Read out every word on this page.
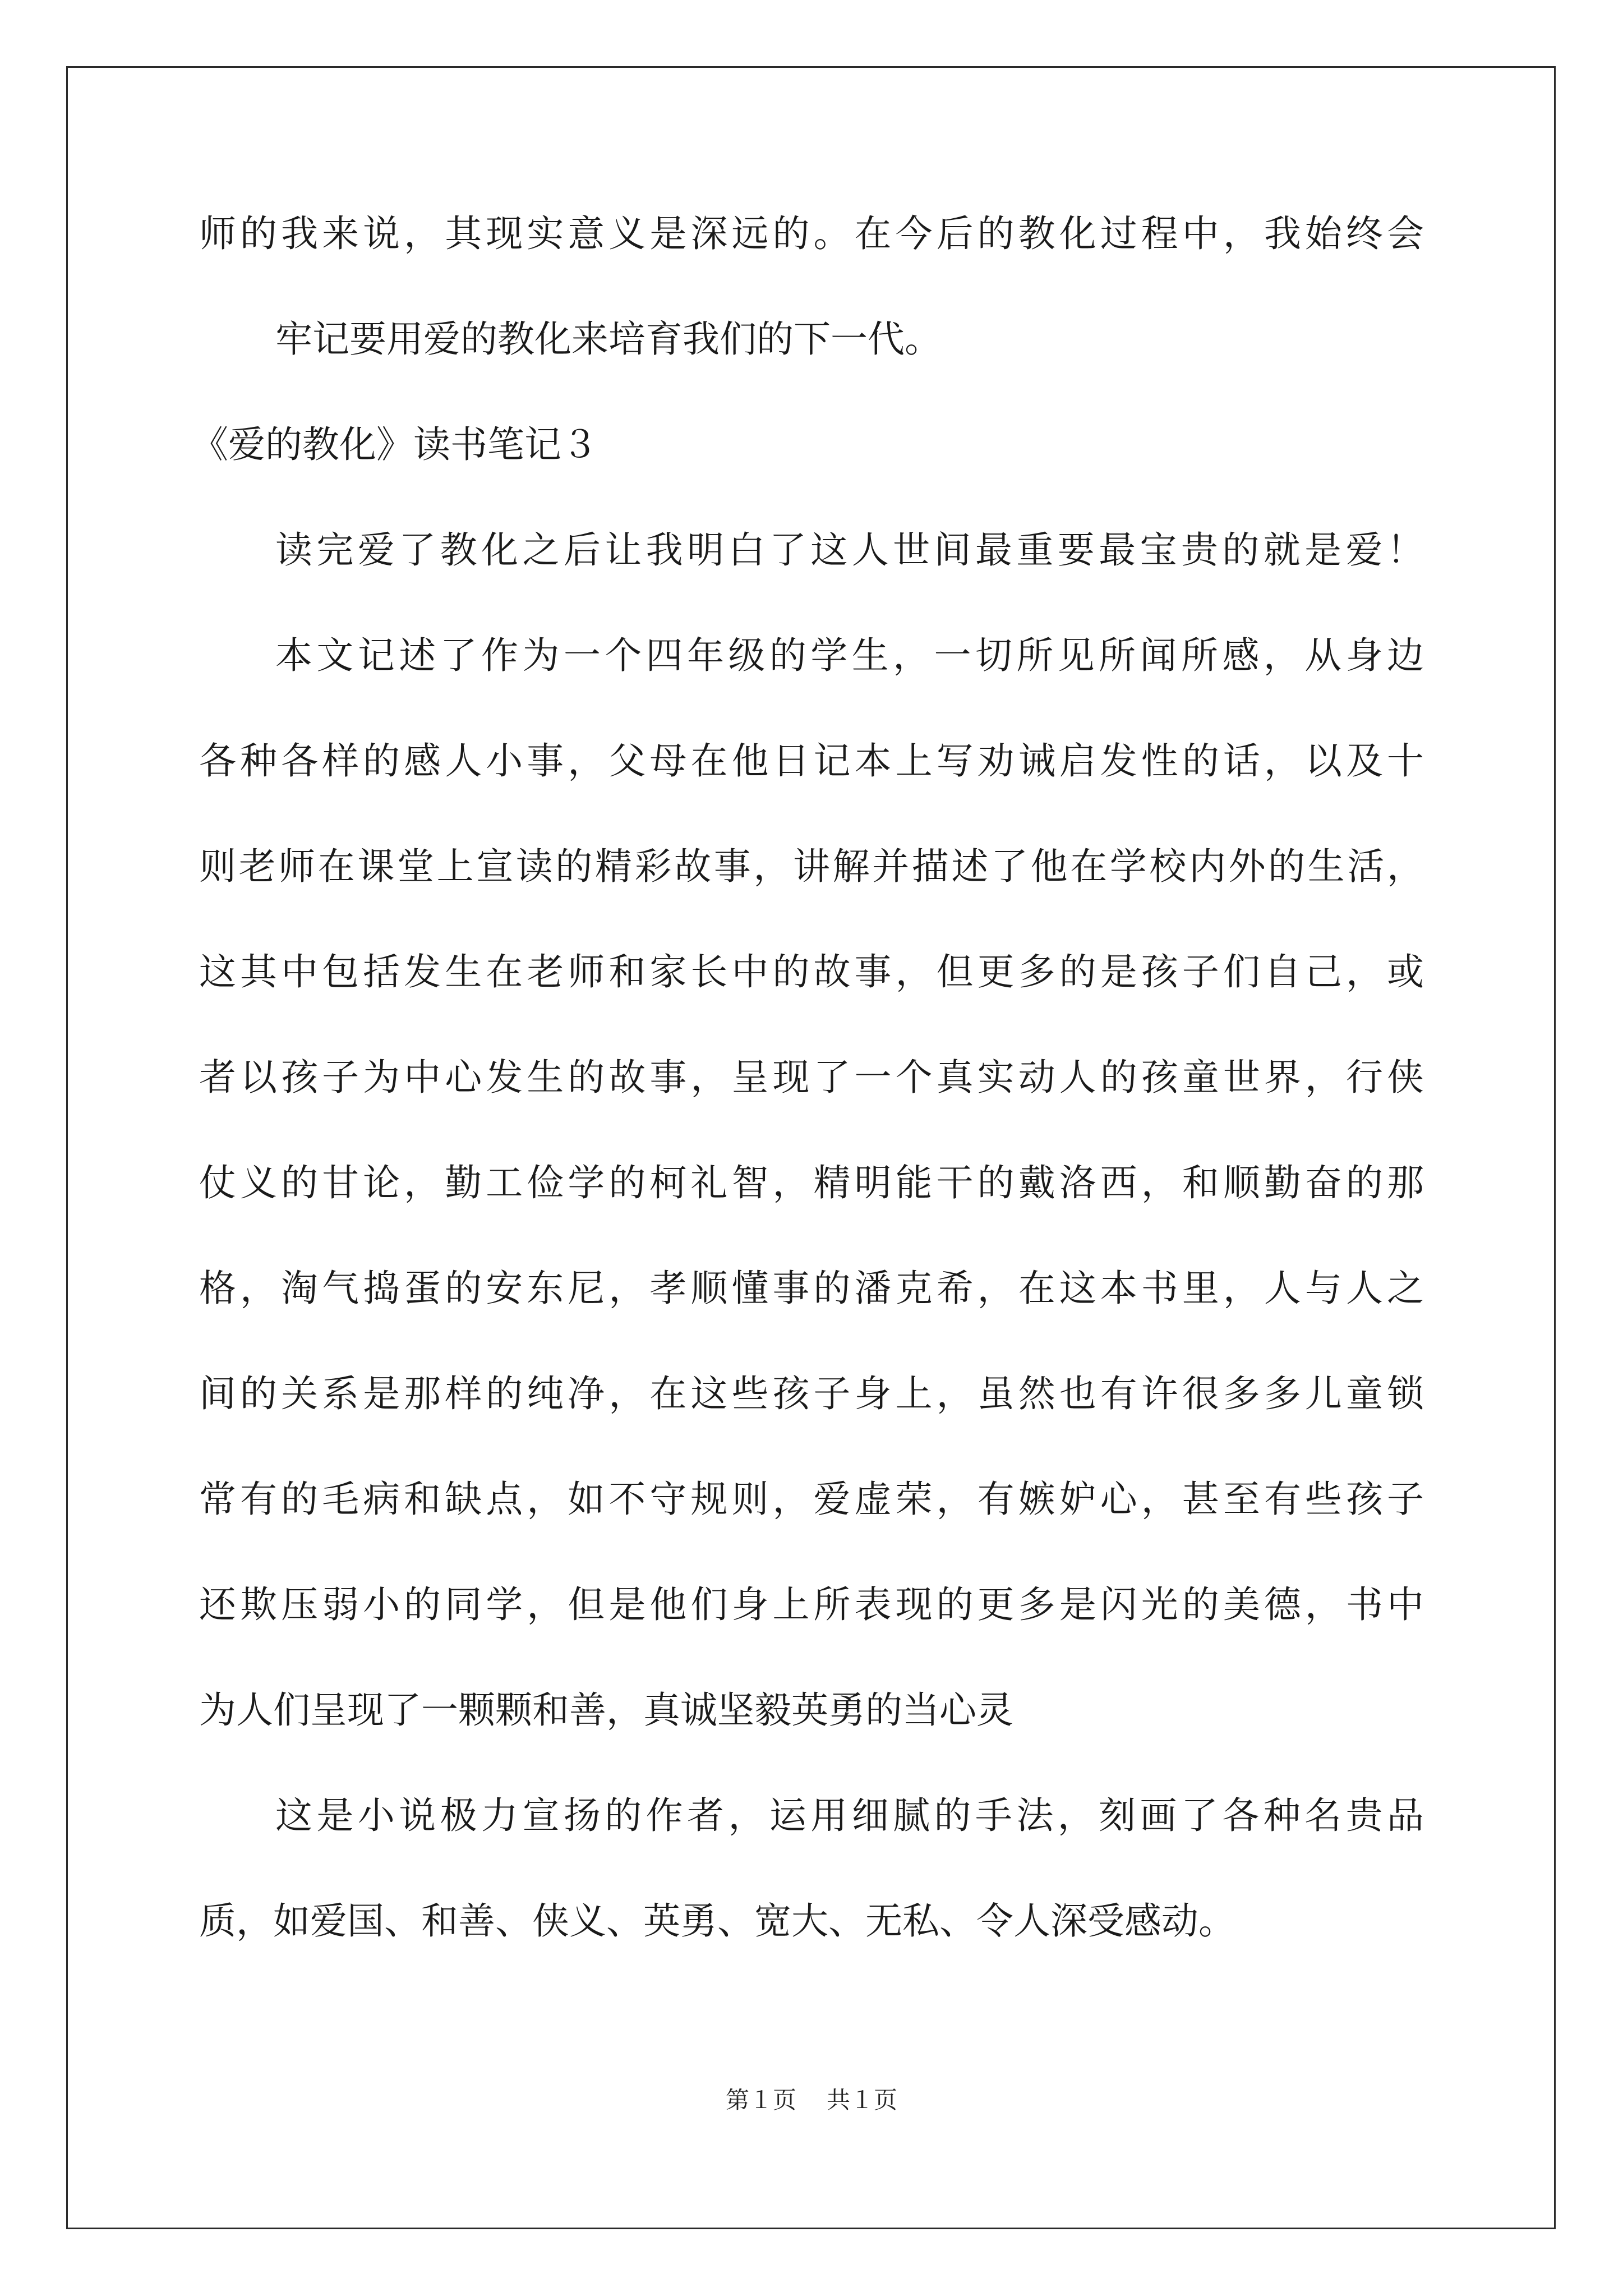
师的我来说，其现实意义是深远的。在今后的教化过程中，我始终会
牢记要用爱的教化来培育我们的下一代。
《爱的教化》读书笔记３
读完爱了教化之后让我明白了这人世间最重要最宝贵的就是爱！
本文记述了作为一个四年级的学生，一切所见所闻所感，从身边
各种各样的感人小事，父母在他日记本上写劝诫启发性的话，以及十
则老师在课堂上宣读的精彩故事，讲解并描述了他在学校内外的生活，
这其中包括发生在老师和家长中的故事，但更多的是孩子们自己，或
者以孩子为中心发生的故事，呈现了一个真实动人的孩童世界，行侠
仗义的甘论，勤工俭学的柯礼智，精明能干的戴洛西，和顺勤奋的那
格，淘气捣蛋的安东尼，孝顺懂事的潘克希，在这本书里，人与人之
间的关系是那样的纯净，在这些孩子身上，虽然也有许很多多儿童锁
常有的毛病和缺点，如不守规则，爱虚荣，有嫉妒心，甚至有些孩子
还欺压弱小的同学，但是他们身上所表现的更多是闪光的美德，书中
为人们呈现了一颗颗和善，真诚坚毅英勇的当心灵
这是小说极力宣扬的作者，运用细腻的手法，刻画了各种名贵品
质，如爱国、和善、侠义、英勇、宽大、无私、令人深受感动。
第１页 共１页
